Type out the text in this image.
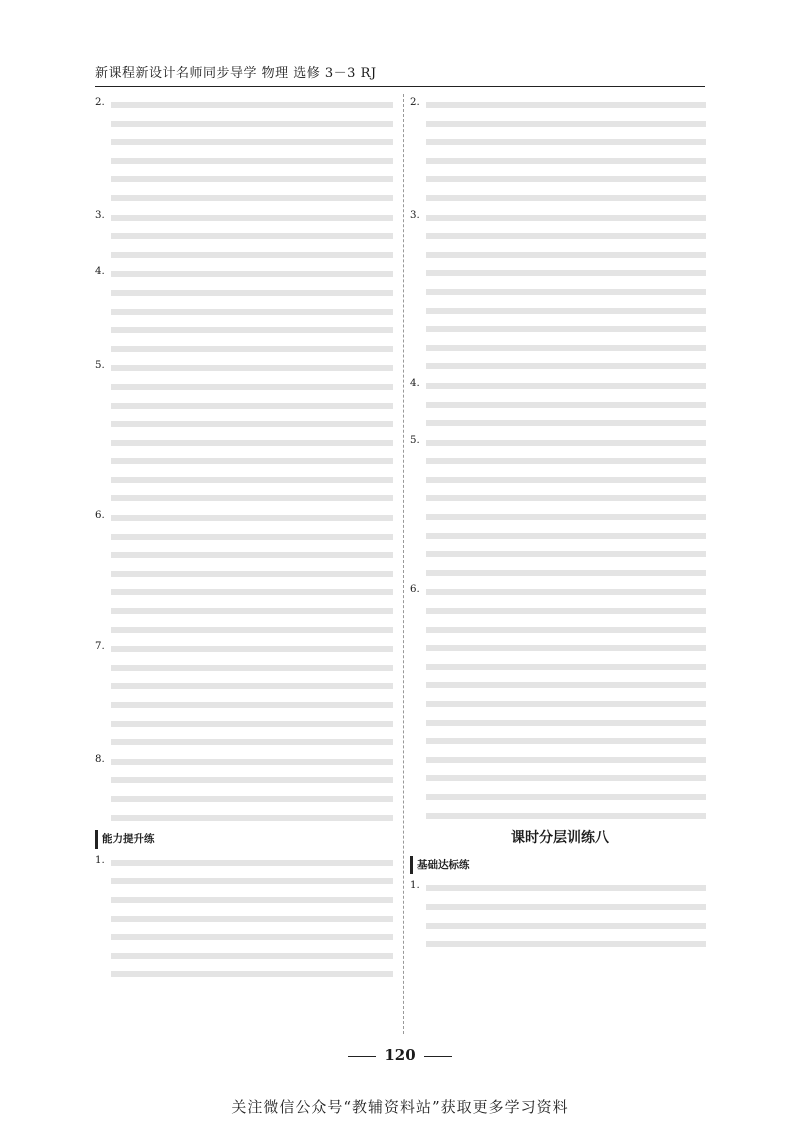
新课程新设计名师同步导学 物理 选修 3－3 RJ
2.
3.
4.
5.
6.
7.
8.
能力提升练
1.
2.
3.
4.
5.
6.
课时分层训练八
基础达标练
1.
120
关注微信公众号“教辅资料站”获取更多学习资料
